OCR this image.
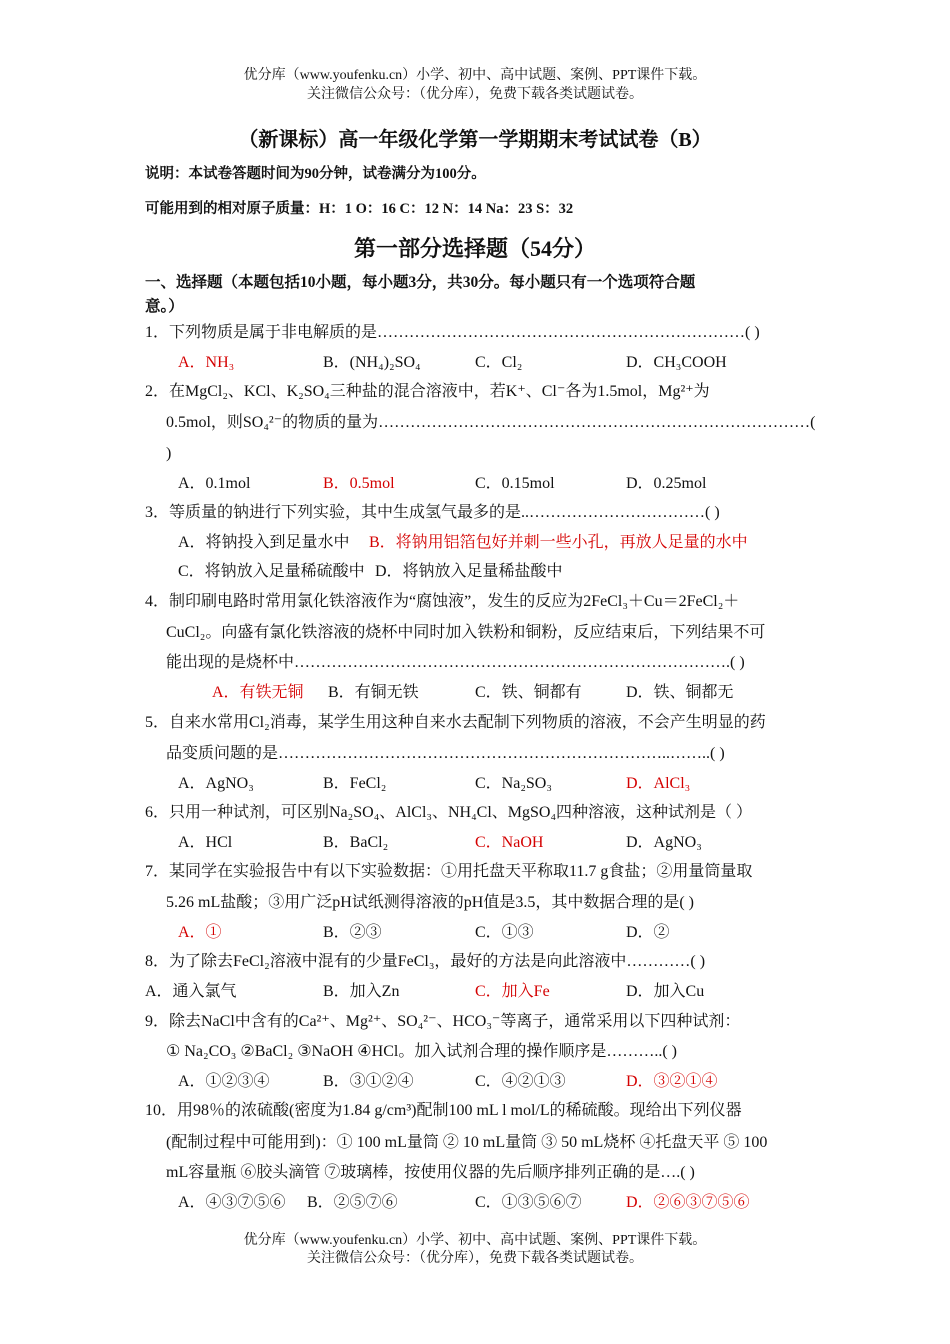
优分库（www.youfenku.cn）小学、初中、高中试题、案例、PPT课件下载。
关注微信公众号：（优分库），免费下载各类试题试卷。
（新课标）高一年级化学第一学期期末考试试卷（B）
说明：本试卷答题时间为90分钟，试卷满分为100分。
可能用到的相对原子质量：H：1 O：16 C：12 N：14 Na：23 S：32
第一部分选择题（54分）
一、选择题（本题包括10小题，每小题3分，共30分。每小题只有一个选项符合题
意。）
1．下列物质是属于非电解质的是……………………………………………………………( )
A．NH₃	B．(NH₄)₂SO₄	C．Cl₂	D．CH₃COOH
2．在MgCl₂、KCl、K₂SO₄三种盐的混合溶液中，若K⁺、Cl⁻各为1.5mol，Mg²⁺为
0.5mol，则SO₄²⁻的物质的量为………………………………………………………………………(
)
A．0.1mol	B．0.5mol	C．0.15mol	D．0.25mol
3．等质量的钠进行下列实验，其中生成氢气最多的是..……………………………( )
A．将钠投入到足量水中 B．将钠用铝箔包好并刺一些小孔，再放人足量的水中
C．将钠放入足量稀硫酸中 D．将钠放入足量稀盐酸中
4．制印刷电路时常用氯化铁溶液作为“腐蚀液”，发生的反应为2FeCl₃＋Cu＝2FeCl₂＋
CuCl₂。向盛有氯化铁溶液的烧杯中同时加入铁粉和铜粉，反应结束后，下列结果不可
能出现的是烧杯中……………………………………………………………………….( )
A．有铁无铜 B．有铜无铁	C．铁、铜都有	D．铁、铜都无
5．自来水常用Cl₂消毒，某学生用这种自来水去配制下列物质的溶液，不会产生明显的药
品变质问题的是………………………………………………………………..……..( )
A．AgNO₃	B．FeCl₂	C．Na₂SO₃	D．AlCl₃
6．只用一种试剂，可区别Na₂SO₄、AlCl₃、NH₄Cl、MgSO₄四种溶液，这种试剂是（ ）
A．HCl	B．BaCl₂	C．NaOH	D．AgNO₃
7．某同学在实验报告中有以下实验数据：①用托盘天平称取11.7 g食盐；②用量筒量取
5.26 mL盐酸；③用广泛pH试纸测得溶液的pH值是3.5，其中数据合理的是( )
A．①	B．②③	C．①③	D．②
8．为了除去FeCl₂溶液中混有的少量FeCl₃，最好的方法是向此溶液中…………( )
A．通入氯气	B．加入Zn	C．加入Fe	D．加入Cu
9．除去NaCl中含有的Ca²⁺、Mg²⁺、SO₄²⁻、HCO₃⁻等离子，通常采用以下四种试剂：
① Na₂CO₃ ②BaCl₂ ③NaOH ④HCl。加入试剂合理的操作顺序是………..( )
A．①②③④	B．③①②④	C．④②①③	D．③②①④
10．用98％的浓硫酸(密度为1.84 g/cm³)配制100 mL l mol/L的稀硫酸。现给出下列仪器
(配制过程中可能用到)：① 100 mL量筒 ② 10 mL量筒 ③ 50 mL烧杯 ④托盘天平 ⑤ 100
mL容量瓶 ⑥胶头滴管 ⑦玻璃棒，按使用仪器的先后顺序排列正确的是….( )
A．④③⑦⑤⑥ B．②⑤⑦⑥	C．①③⑤⑥⑦	D．②⑥③⑦⑤⑥
优分库（www.youfenku.cn）小学、初中、高中试题、案例、PPT课件下载。
关注微信公众号：（优分库），免费下载各类试题试卷。
